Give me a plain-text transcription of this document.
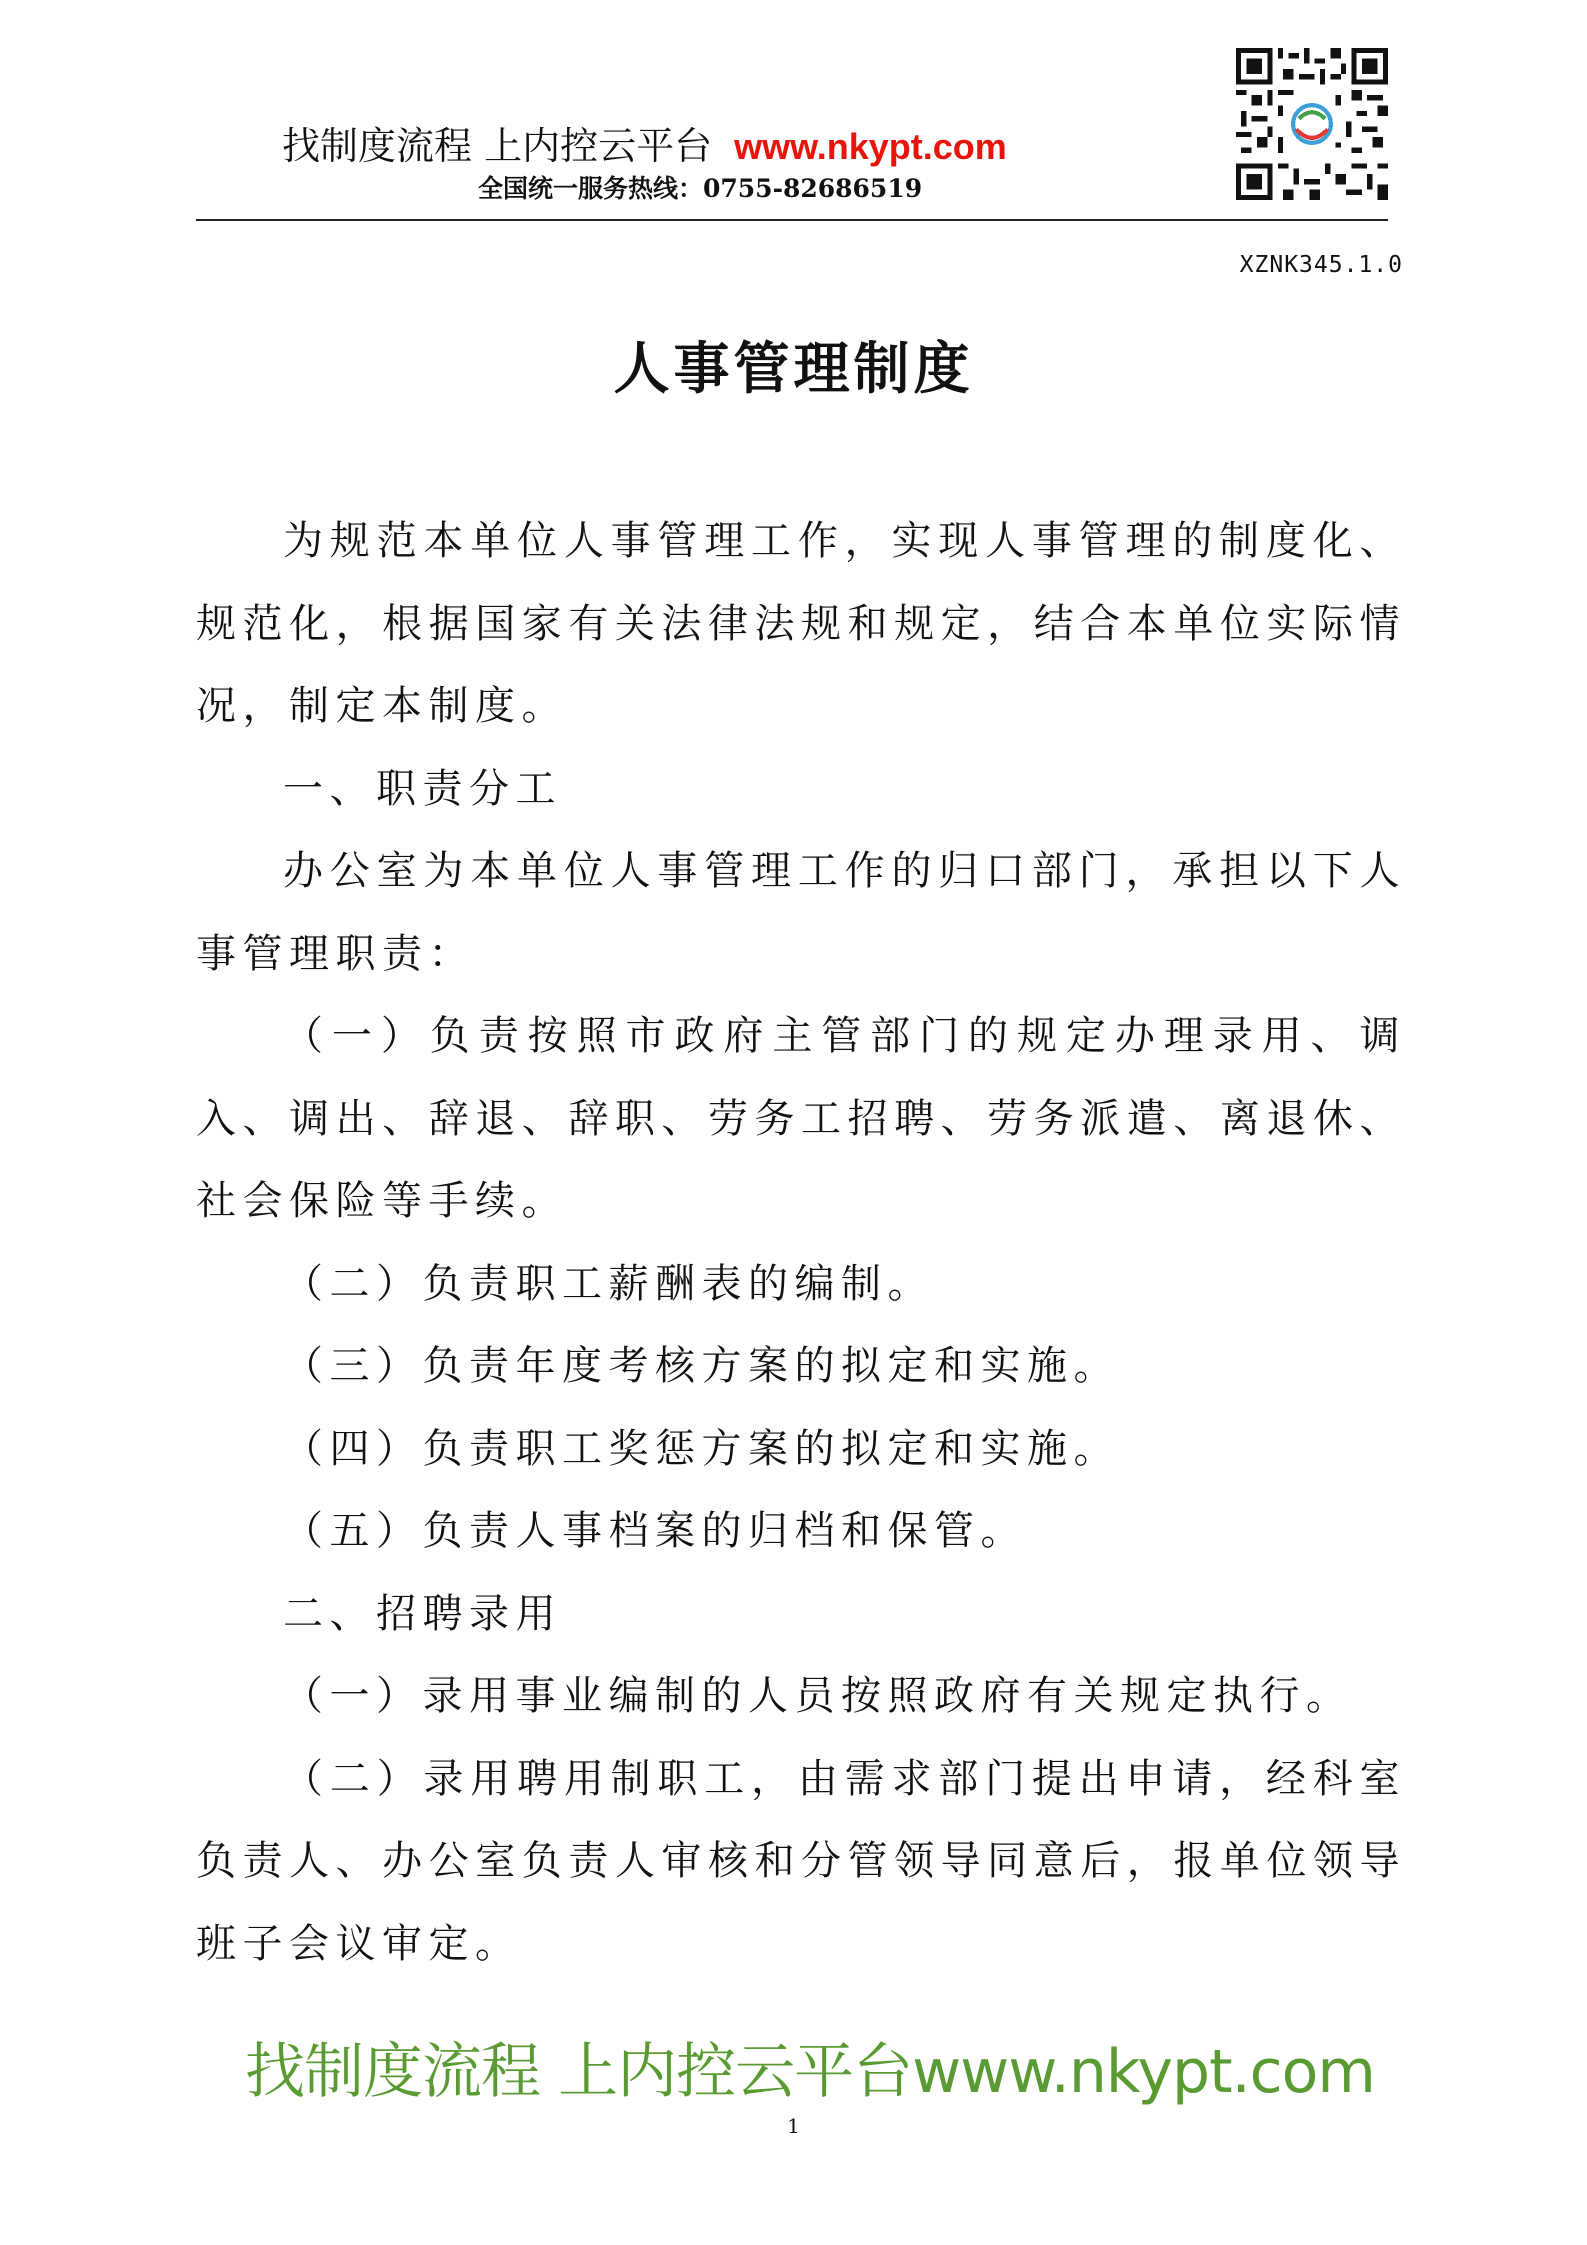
找制度流程 上内控云平台 www.nkypt.com
全国统一服务热线：0755-82686519
XZNK345.1.0
人事管理制度

为规范本单位人事管理工作，实现人事管理的制度化、规范化，根据国家有关法律法规和规定，结合本单位实际情况，制定本制度。

一、职责分工

办公室为本单位人事管理工作的归口部门，承担以下人事管理职责：

（一）负责按照市政府主管部门的规定办理录用、调入、调出、辞退、辞职、劳务工招聘、劳务派遣、离退休、社会保险等手续。

（二）负责职工薪酬表的编制。

（三）负责年度考核方案的拟定和实施。

（四）负责职工奖惩方案的拟定和实施。

（五）负责人事档案的归档和保管。

二、招聘录用

（一）录用事业编制的人员按照政府有关规定执行。

（二）录用聘用制职工，由需求部门提出申请，经科室负责人、办公室负责人审核和分管领导同意后，报单位领导班子会议审定。

找制度流程 上内控云平台www.nkypt.com
1
